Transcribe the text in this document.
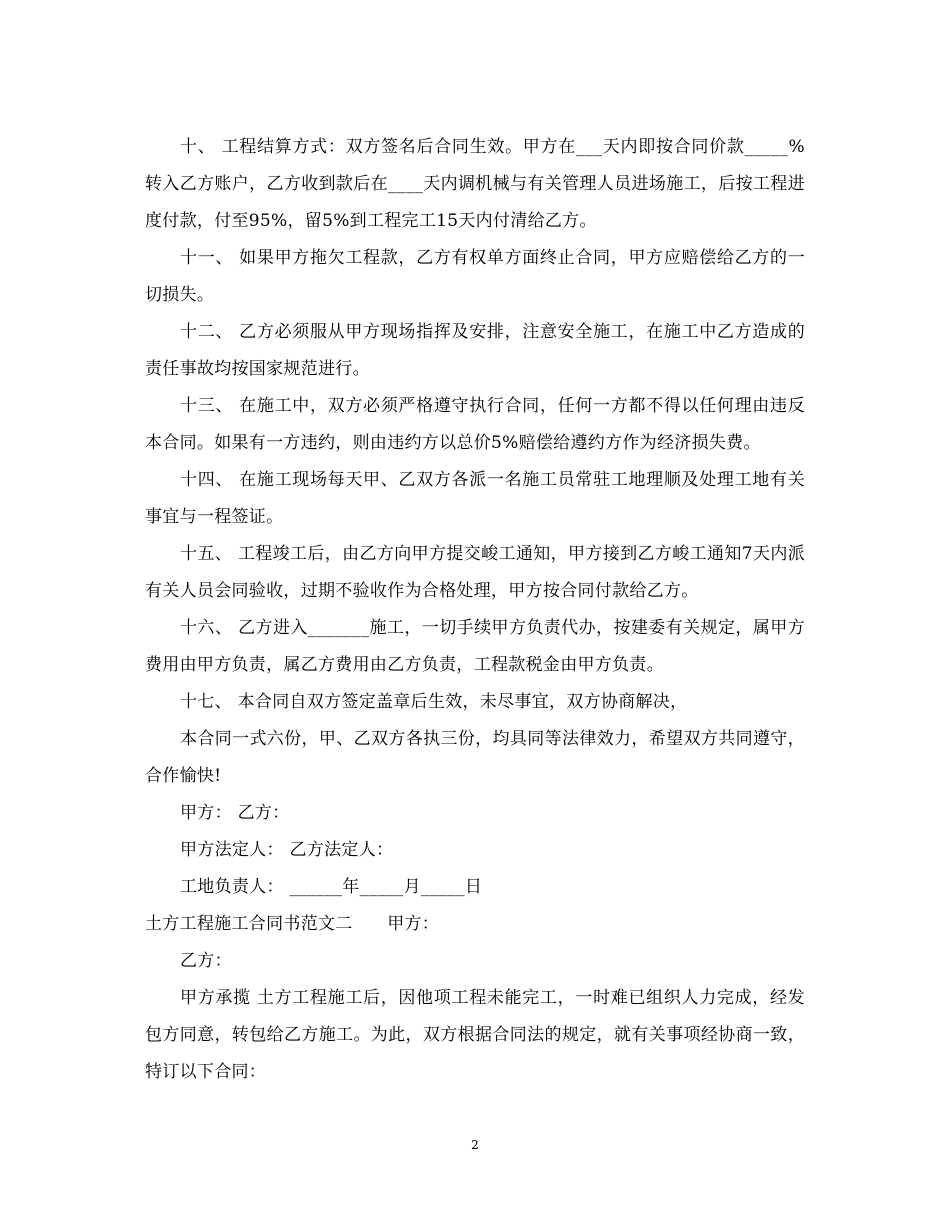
十、 工程结算方式：双方签名后合同生效。甲方在___天内即按合同价款_____%转入乙方账户，乙方收到款后在____天内调机械与有关管理人员进场施工，后按工程进度付款，付至95%，留5%到工程完工15天内付清给乙方。

十一、 如果甲方拖欠工程款，乙方有权单方面终止合同，甲方应赔偿给乙方的一切损失。

十二、 乙方必须服从甲方现场指挥及安排，注意安全施工，在施工中乙方造成的责任事故均按国家规范进行。

十三、 在施工中，双方必须严格遵守执行合同，任何一方都不得以任何理由违反本合同。如果有一方违约，则由违约方以总价5%赔偿给遵约方作为经济损失费。

十四、 在施工现场每天甲、乙双方各派一名施工员常驻工地理顺及处理工地有关事宜与一程签证。

十五、 工程竣工后，由乙方向甲方提交峻工通知，甲方接到乙方峻工通知7天内派有关人员会同验收，过期不验收作为合格处理，甲方按合同付款给乙方。

十六、 乙方进入_______施工，一切手续甲方负责代办，按建委有关规定，属甲方费用由甲方负责，属乙方费用由乙方负责，工程款税金由甲方负责。

十七、 本合同自双方签定盖章后生效，未尽事宜，双方协商解决，

本合同一式六份，甲、乙双方各执三份，均具同等法律效力，希望双方共同遵守，合作愉快!

甲方： 乙方：

甲方法定人： 乙方法定人：

工地负责人： ______年_____月_____日

土方工程施工合同书范文二　　甲方：

乙方：

甲方承揽 土方工程施工后，因他项工程未能完工，一时难已组织人力完成，经发包方同意，转包给乙方施工。为此，双方根据合同法的规定，就有关事项经协商一致，特订以下合同：

2
